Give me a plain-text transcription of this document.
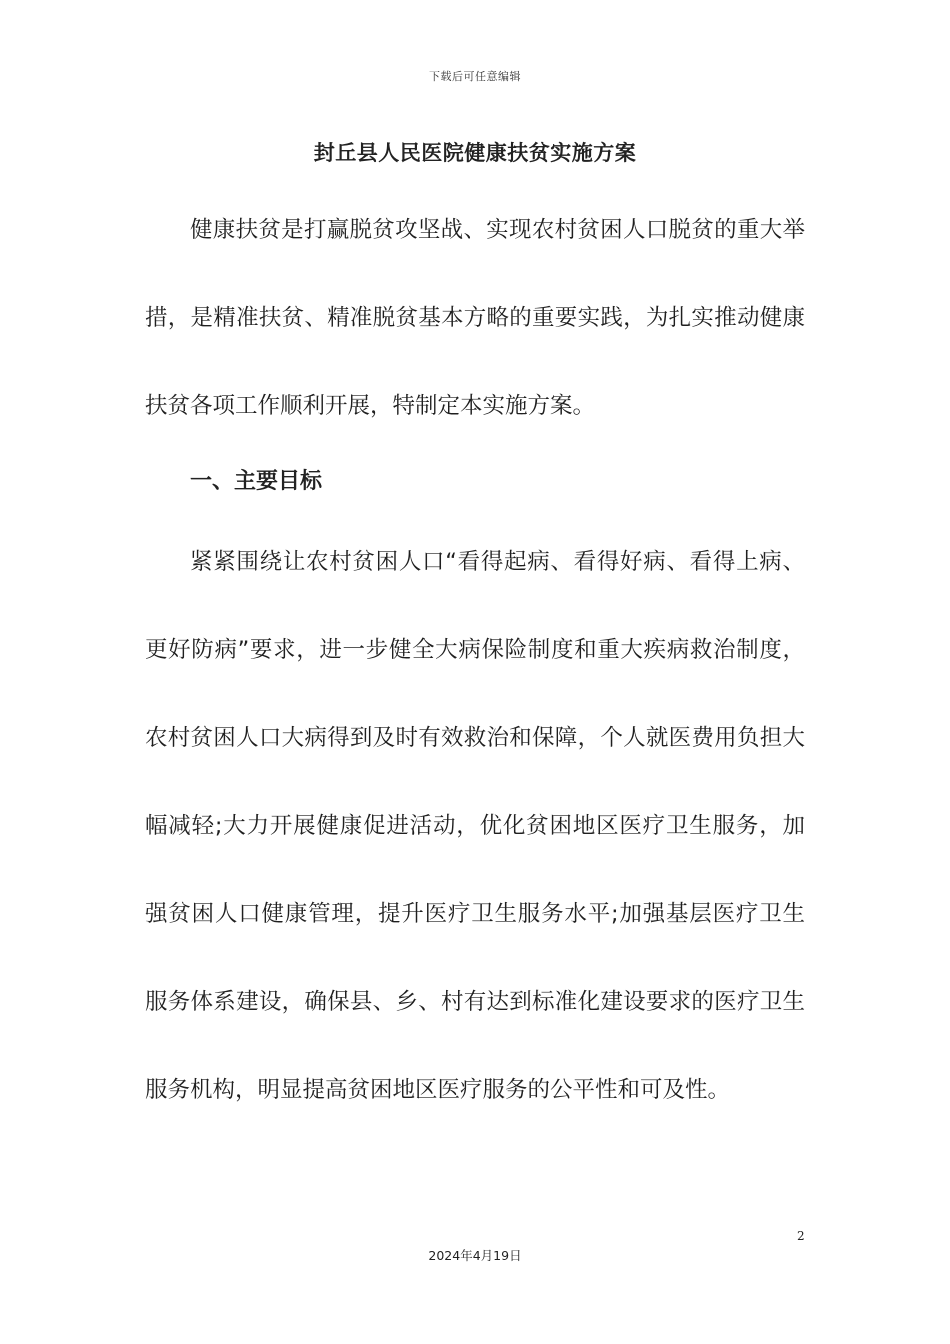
下载后可任意编辑
封丘县人民医院健康扶贫实施方案

健康扶贫是打赢脱贫攻坚战、实现农村贫困人口脱贫的重大举措，是精准扶贫、精准脱贫基本方略的重要实践，为扎实推动健康扶贫各项工作顺利开展，特制定本实施方案。

一、主要目标

紧紧围绕让农村贫困人口“看得起病、看得好病、看得上病、更好防病”要求，进一步健全大病保险制度和重大疾病救治制度，农村贫困人口大病得到及时有效救治和保障，个人就医费用负担大幅减轻;大力开展健康促进活动，优化贫困地区医疗卫生服务，加强贫困人口健康管理，提升医疗卫生服务水平;加强基层医疗卫生服务体系建设，确保县、乡、村有达到标准化建设要求的医疗卫生服务机构，明显提高贫困地区医疗服务的公平性和可及性。

2
2024年4月19日
